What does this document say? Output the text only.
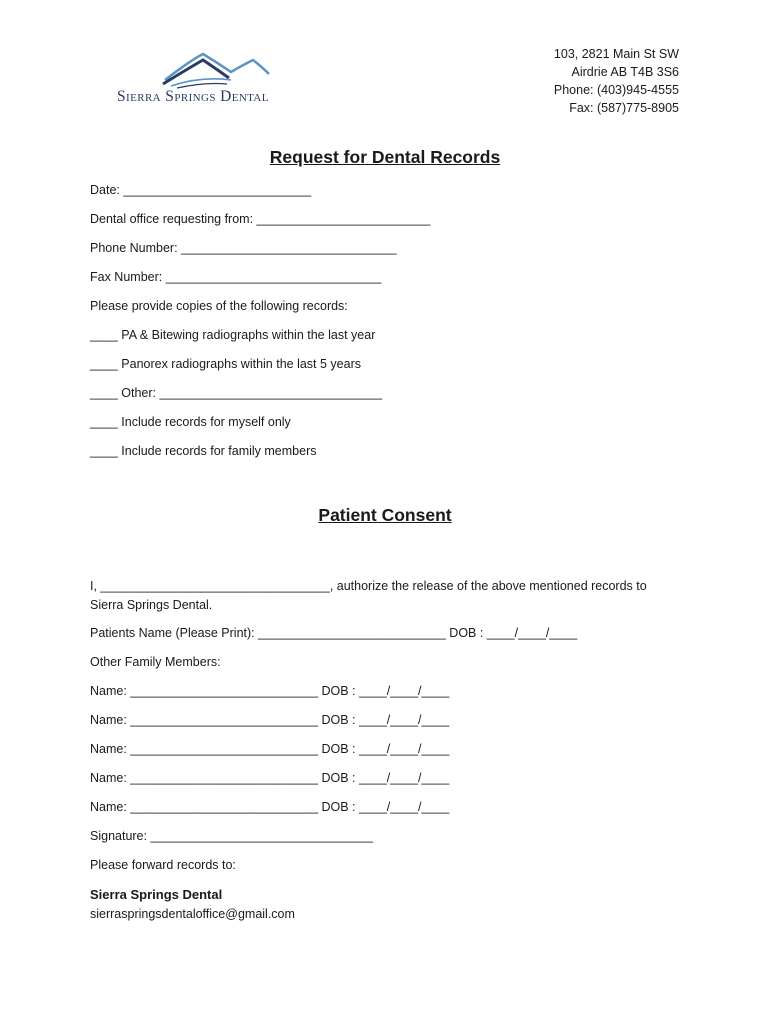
Sierra Springs Dental
103, 2821 Main St SW
Airdrie AB T4B 3S6
Phone: (403)945-4555
Fax: (587)775-8905
Request for Dental Records
Date: ___________________________
Dental office requesting from: _________________________
Phone Number: _______________________________
Fax Number: _______________________________
Please provide copies of the following records:
____ PA & Bitewing radiographs within the last year
____ Panorex radiographs within the last 5 years
____ Other: ________________________________
____ Include records for myself only
____ Include records for family members
Patient Consent
I, _________________________________, authorize the release of the above mentioned records to Sierra Springs Dental.
Patients Name (Please Print): ___________________________ DOB : ____/____/____
Other Family Members:
Name: ___________________________ DOB : ____/____/____
Name: ___________________________ DOB : ____/____/____
Name: ___________________________ DOB : ____/____/____
Name: ___________________________ DOB : ____/____/____
Name: ___________________________ DOB : ____/____/____
Signature: ________________________________
Please forward records to:
Sierra Springs Dental
sierraspringsdentaloffice@gmail.com
